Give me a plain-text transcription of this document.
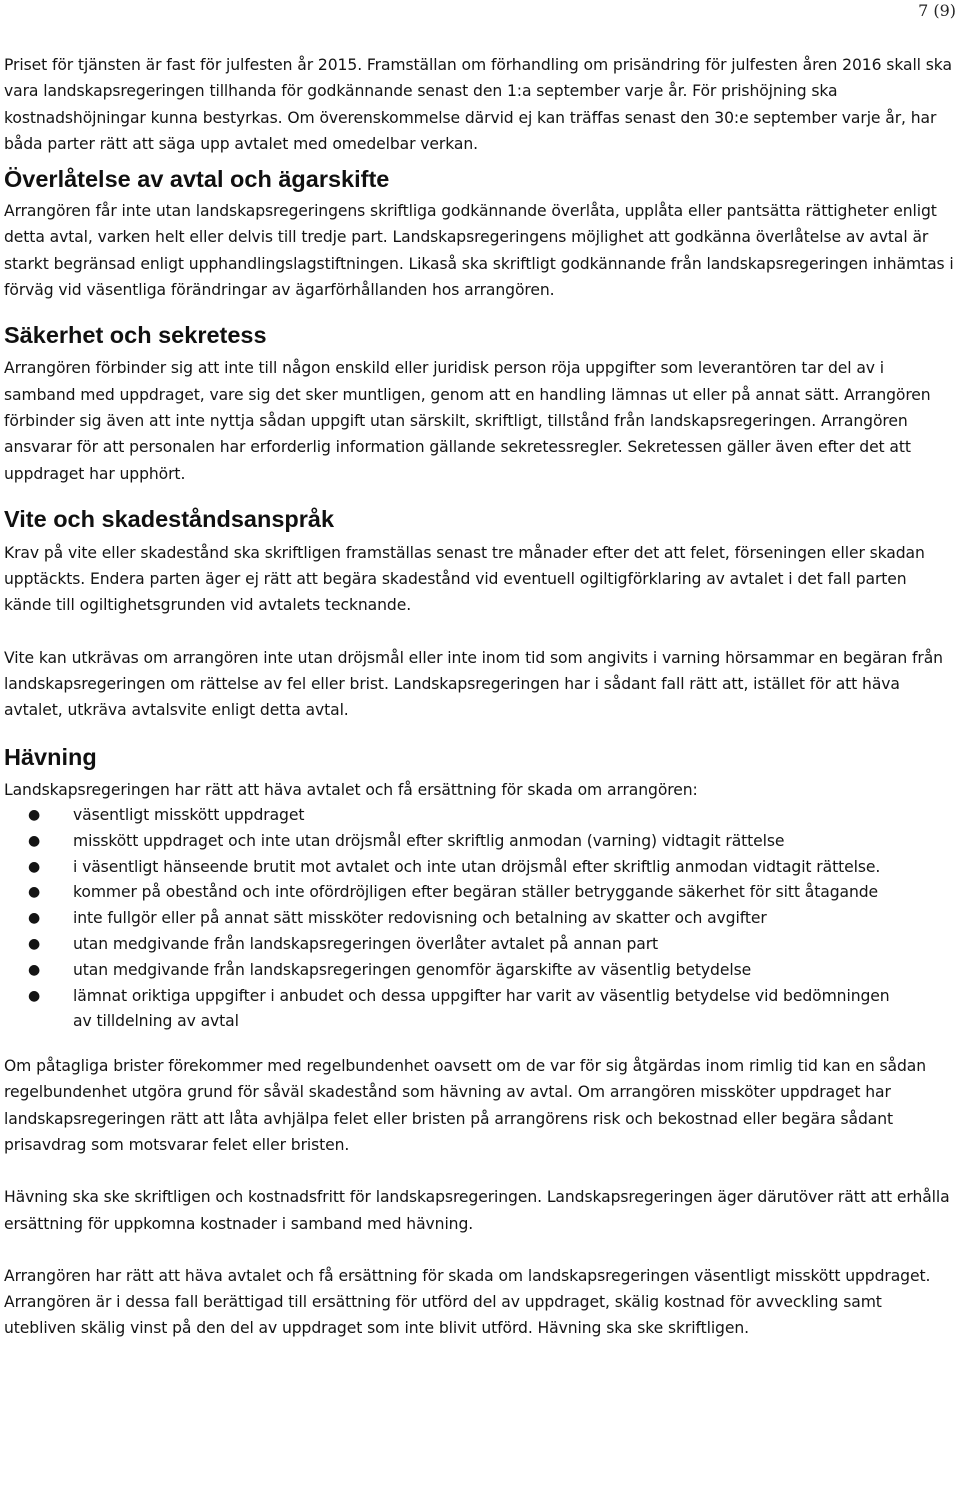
7 (9)

Priset för tjänsten är fast för julfesten år 2015. Framställan om förhandling om prisändring för julfesten åren 2016 skall ska vara landskapsregeringen tillhanda för godkännande senast den 1:a september varje år. För prishöjning ska kostnadshöjningar kunna bestyrkas. Om överenskommelse därvid ej kan träffas senast den 30:e september varje år, har båda parter rätt att säga upp avtalet med omedelbar verkan.

Överlåtelse av avtal och ägarskifte

Arrangören får inte utan landskapsregeringens skriftliga godkännande överlåta, upplåta eller pantsätta rättigheter enligt detta avtal, varken helt eller delvis till tredje part. Landskapsregeringens möjlighet att godkänna överlåtelse av avtal är starkt begränsad enligt upphandlingslagstiftningen. Likaså ska skriftligt godkännande från landskapsregeringen inhämtas i förväg vid väsentliga förändringar av ägarförhållanden hos arrangören.

Säkerhet och sekretess

Arrangören förbinder sig att inte till någon enskild eller juridisk person röja uppgifter som leverantören tar del av i samband med uppdraget, vare sig det sker muntligen, genom att en handling lämnas ut eller på annat sätt. Arrangören förbinder sig även att inte nyttja sådan uppgift utan särskilt, skriftligt, tillstånd från landskapsregeringen. Arrangören ansvarar för att personalen har erforderlig information gällande sekretessregler. Sekretessen gäller även efter det att uppdraget har upphört.

Vite och skadeståndsanspråk

Krav på vite eller skadestånd ska skriftligen framställas senast tre månader efter det att felet, förseningen eller skadan upptäckts. Endera parten äger ej rätt att begära skadestånd vid eventuell ogiltigförklaring av avtalet i det fall parten kände till ogiltighetsgrunden vid avtalets tecknande.

Vite kan utkrävas om arrangören inte utan dröjsmål eller inte inom tid som angivits i varning hörsammar en begäran från landskapsregeringen om rättelse av fel eller brist. Landskapsregeringen har i sådant fall rätt att, istället för att häva avtalet, utkräva avtalsvite enligt detta avtal.

Hävning

Landskapsregeringen har rätt att häva avtalet och få ersättning för skada om arrangören:

● väsentligt misskött uppdraget
● misskött uppdraget och inte utan dröjsmål efter skriftlig anmodan (varning) vidtagit rättelse
● i väsentligt hänseende brutit mot avtalet och inte utan dröjsmål efter skriftlig anmodan vidtagit rättelse.
● kommer på obestånd och inte ofördröjligen efter begäran ställer betryggande säkerhet för sitt åtagande
● inte fullgör eller på annat sätt missköter redovisning och betalning av skatter och avgifter
● utan medgivande från landskapsregeringen överlåter avtalet på annan part
● utan medgivande från landskapsregeringen genomför ägarskifte av väsentlig betydelse
● lämnat oriktiga uppgifter i anbudet och dessa uppgifter har varit av väsentlig betydelse vid bedömningen av tilldelning av avtal

Om påtagliga brister förekommer med regelbundenhet oavsett om de var för sig åtgärdas inom rimlig tid kan en sådan regelbundenhet utgöra grund för såväl skadestånd som hävning av avtal. Om arrangören missköter uppdraget har landskapsregeringen rätt att låta avhjälpa felet eller bristen på arrangörens risk och bekostnad eller begära sådant prisavdrag som motsvarar felet eller bristen.

Hävning ska ske skriftligen och kostnadsfritt för landskapsregeringen. Landskapsregeringen äger därutöver rätt att erhålla ersättning för uppkomna kostnader i samband med hävning.

Arrangören har rätt att häva avtalet och få ersättning för skada om landskapsregeringen väsentligt misskött uppdraget. Arrangören är i dessa fall berättigad till ersättning för utförd del av uppdraget, skälig kostnad för avveckling samt utebliven skälig vinst på den del av uppdraget som inte blivit utförd. Hävning ska ske skriftligen.
